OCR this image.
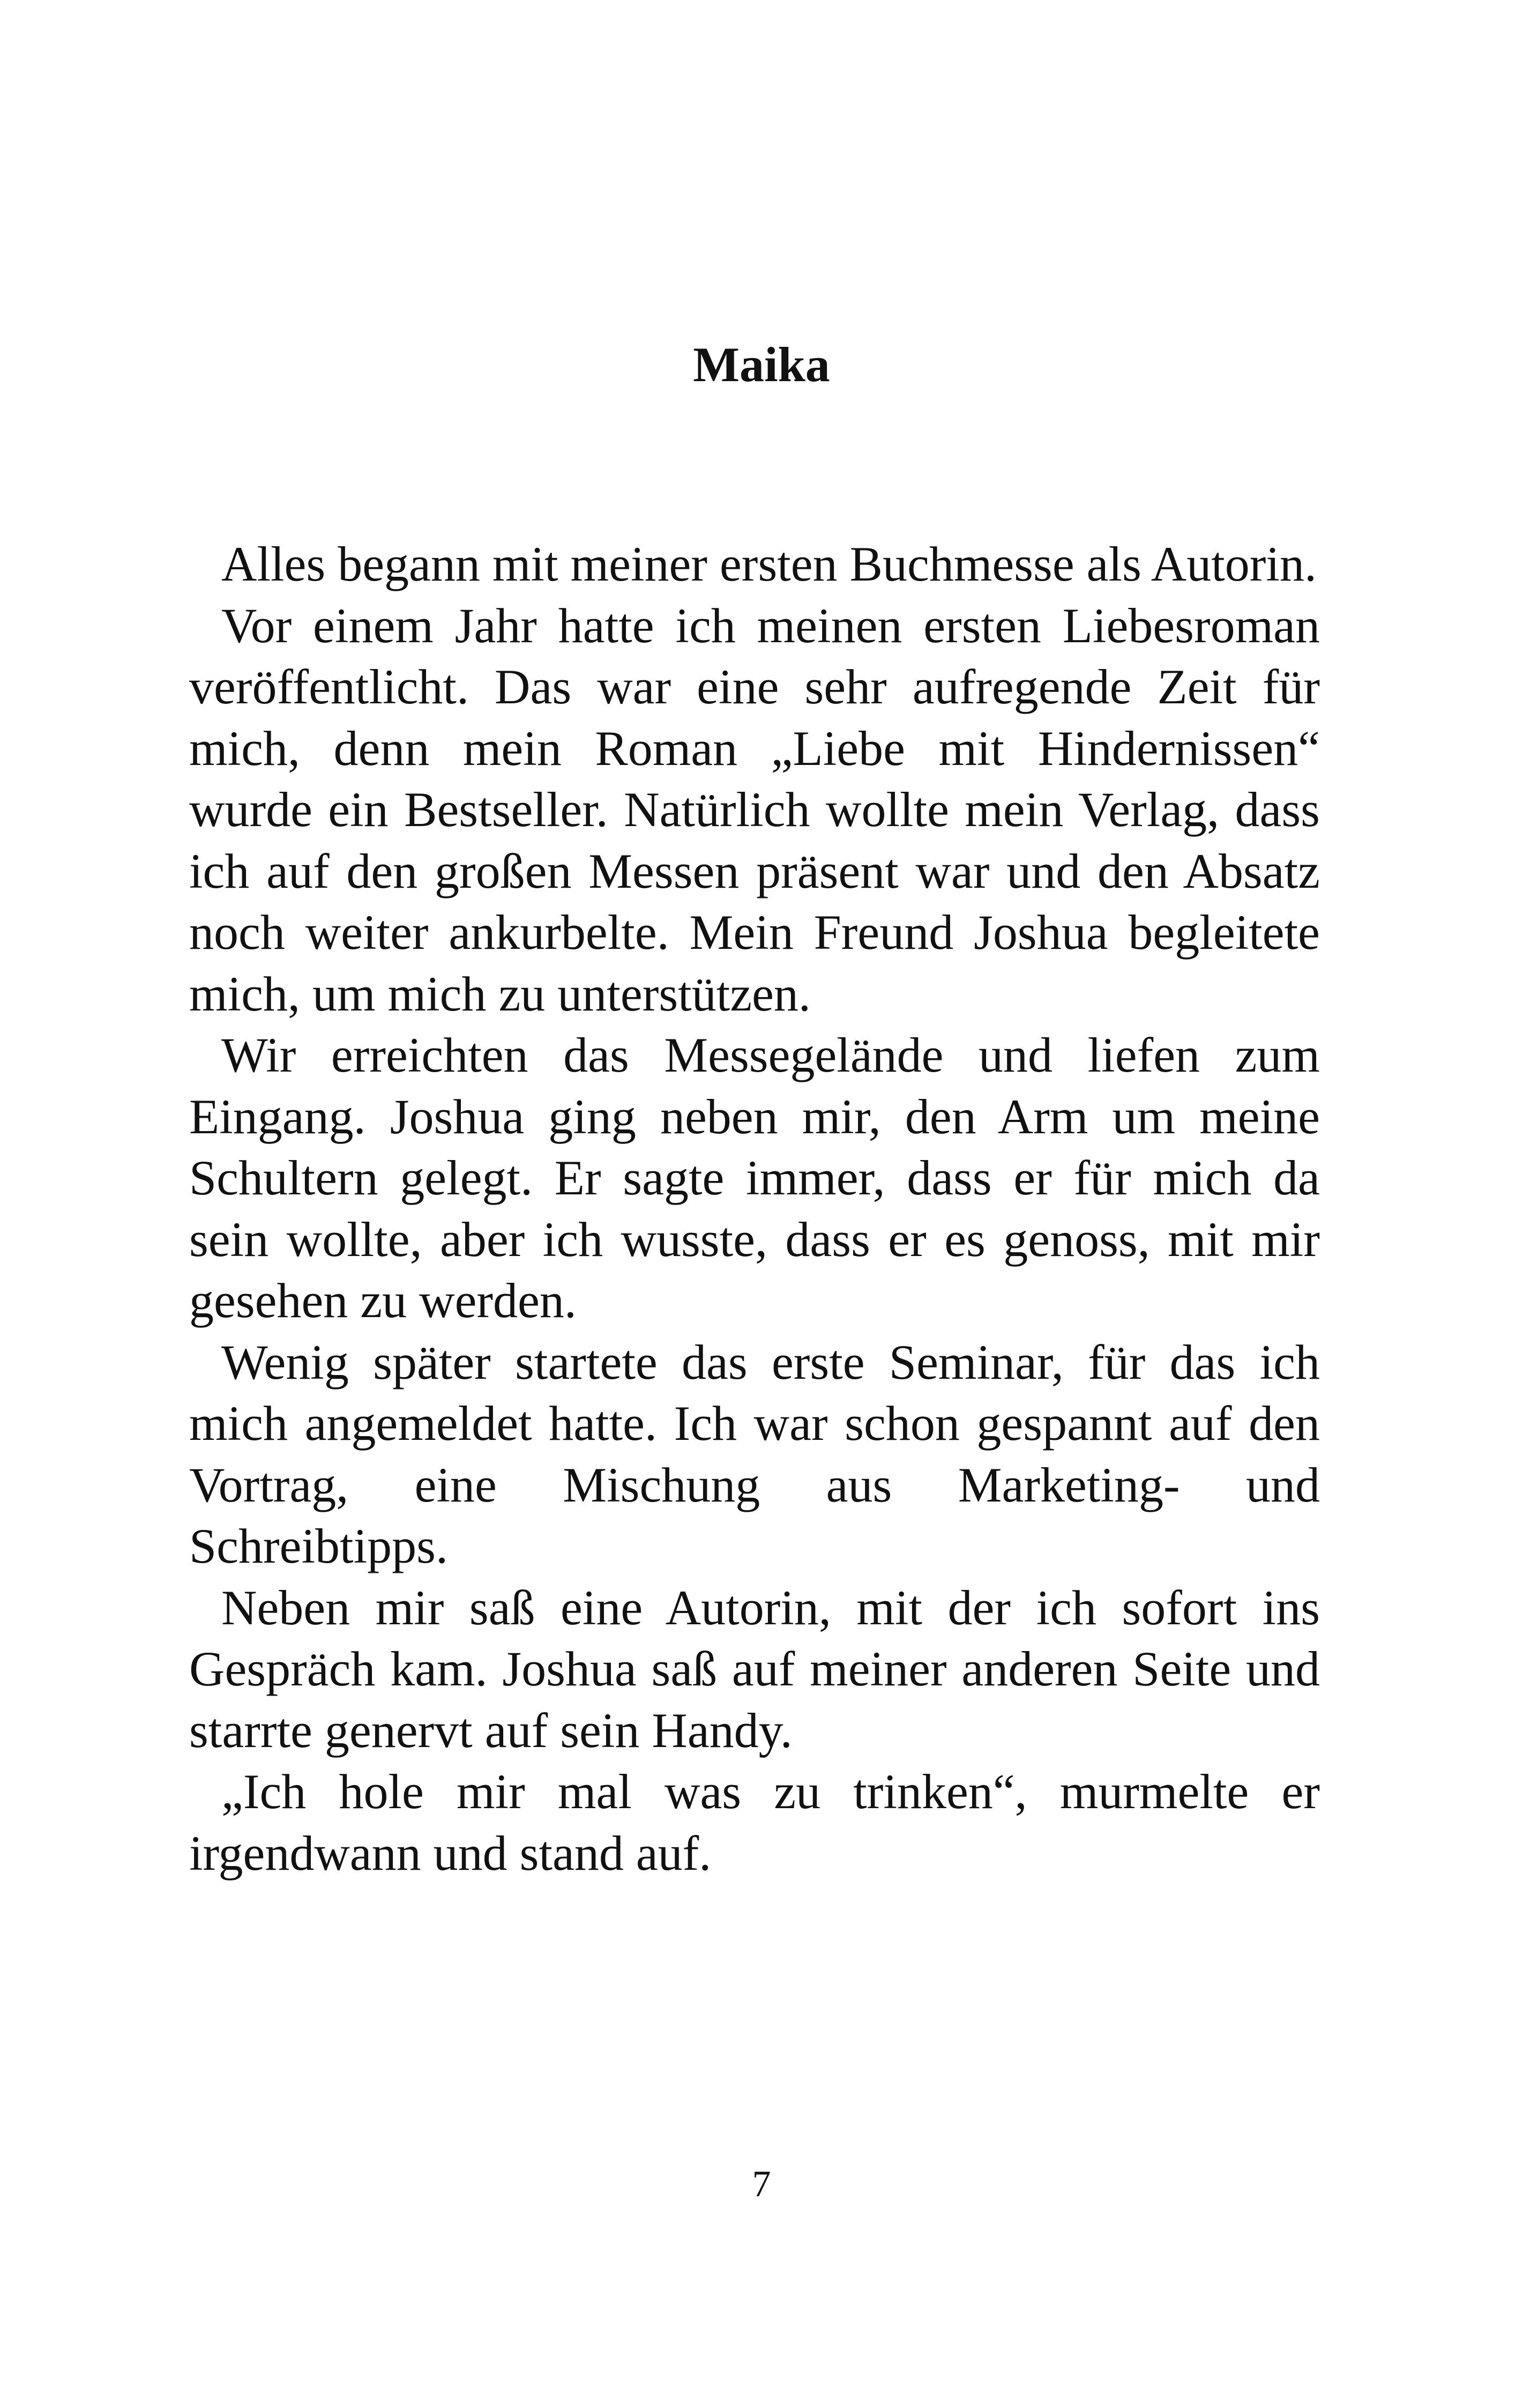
Maika

Alles begann mit meiner ersten Buchmesse als Autorin.

Vor einem Jahr hatte ich meinen ersten Liebesroman veröffentlicht. Das war eine sehr aufregende Zeit für mich, denn mein Roman „Liebe mit Hindernissen“ wurde ein Bestseller. Natürlich wollte mein Verlag, dass ich auf den großen Messen präsent war und den Absatz noch weiter ankurbelte. Mein Freund Joshua begleitete mich, um mich zu unterstützen.

Wir erreichten das Messegelände und liefen zum Eingang. Joshua ging neben mir, den Arm um meine Schultern gelegt. Er sagte immer, dass er für mich da sein wollte, aber ich wusste, dass er es genoss, mit mir gesehen zu werden.

Wenig später startete das erste Seminar, für das ich mich angemeldet hatte. Ich war schon gespannt auf den Vortrag, eine Mischung aus Marketing- und Schreibtipps.

Neben mir saß eine Autorin, mit der ich sofort ins Gespräch kam. Joshua saß auf meiner anderen Seite und starrte genervt auf sein Handy.

„Ich hole mir mal was zu trinken“, murmelte er irgendwann und stand auf.

7
